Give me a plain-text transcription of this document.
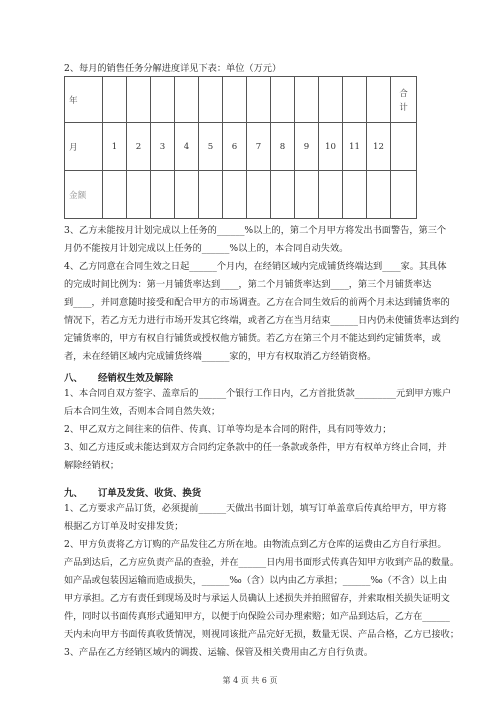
2、每月的销售任务分解进度详见下表：单位（万元）
年													合
计
月	1	2	3	4	5	6	7	8	9	10	11	12	
金额													
3、乙方未能按月计划完成以上任务的______%以上的，第二个月甲方将发出书面警告，第三个
月仍不能按月计划完成以上任务的______%以上的，本合同自动失效。
4、乙方同意在合同生效之日起______个月内，在经销区域内完成铺货终端达到____家。其具体
的完成时间比例为：第一月铺货率达到____，第二个月铺货率达到____，第三个月铺货率达
到____，并同意随时接受和配合甲方的市场调查。乙方在合同生效后的前两个月未达到铺货率的
情况下，若乙方无力进行市场开发其它终端，或者乙方在当月结束______日内仍未使铺货率达到约
定铺货率的，甲方有权自行铺货或授权他方铺货。若乙方在第三个月不能达到约定铺货率，或
者，未在经销区域内完成铺货终端______家的，甲方有权取消乙方经销资格。
八、 经销权生效及解除
1、本合同自双方签字、盖章后的______个银行工作日内，乙方首批货款_________元到甲方账户
后本合同生效，否则本合同自然失效；
2、甲乙双方之间往来的信件、传真、订单等均是本合同的附件，具有同等效力；
3、如乙方违反或未能达到双方合同约定条款中的任一条款或条件，甲方有权单方终止合同，并
解除经销权；
九、 订单及发货、收货、换货
1、乙方要求产品订货，必须提前______天做出书面计划，填写订单盖章后传真给甲方，甲方将
根据乙方订单及时安排发货；
2、甲方负责将乙方订购的产品发往乙方所在地。由物流点到乙方仓库的运费由乙方自行承担。
产品到达后，乙方应负责产品的查验，并在______日内用书面形式传真告知甲方收到产品的数量。
如产品或包装因运输而造成损失，______‰（含）以内由乙方承担；______‰（不含）以上由
甲方承担。乙方有责任到现场及时与承运人员确认上述损失并拍照留存，并索取相关损失证明文
件，同时以书面传真形式通知甲方，以便于向保险公司办理索赔；如产品到达后，乙方在______
天内未向甲方书面传真收货情况，则视同该批产品完好无损，数量无误、产品合格，乙方已接收；
3、产品在乙方经销区域内的调拨、运输、保管及相关费用由乙方自行负责。
第 4 页 共 6 页
